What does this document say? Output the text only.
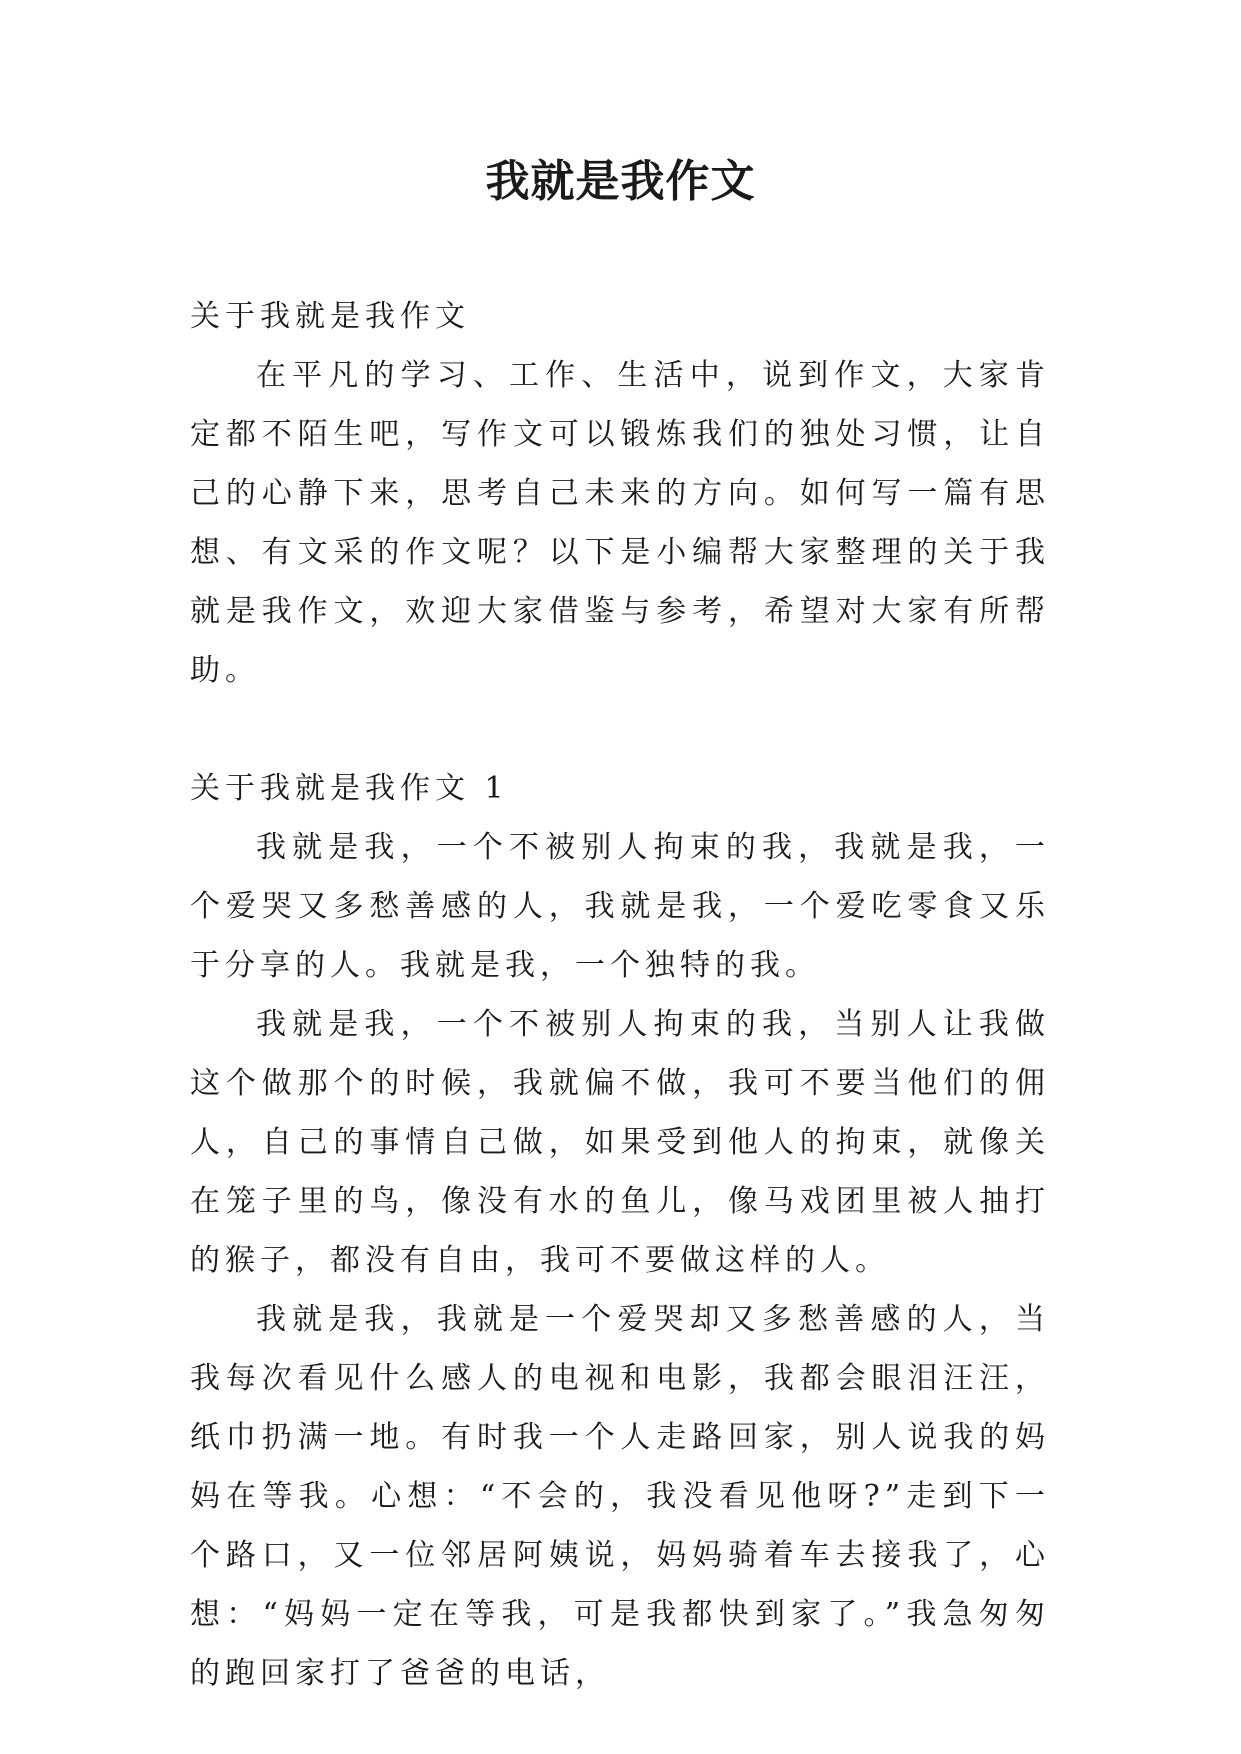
我就是我作文

关于我就是我作文

在平凡的学习、工作、生活中，说到作文，大家肯定都不陌生吧，写作文可以锻炼我们的独处习惯，让自己的心静下来，思考自己未来的方向。如何写一篇有思想、有文采的作文呢？以下是小编帮大家整理的关于我就是我作文，欢迎大家借鉴与参考，希望对大家有所帮助。

关于我就是我作文 1

我就是我，一个不被别人拘束的我，我就是我，一个爱哭又多愁善感的人，我就是我，一个爱吃零食又乐于分享的人。我就是我，一个独特的我。

我就是我，一个不被别人拘束的我，当别人让我做这个做那个的时候，我就偏不做，我可不要当他们的佣人，自己的事情自己做，如果受到他人的拘束，就像关在笼子里的鸟，像没有水的鱼儿，像马戏团里被人抽打的猴子，都没有自由，我可不要做这样的人。

我就是我，我就是一个爱哭却又多愁善感的人，当我每次看见什么感人的电视和电影，我都会眼泪汪汪，纸巾扔满一地。有时我一个人走路回家，别人说我的妈妈在等我。心想：“不会的，我没看见他呀?”走到下一个路口，又一位邻居阿姨说，妈妈骑着车去接我了，心想：“妈妈一定在等我，可是我都快到家了。”我急匆匆的跑回家打了爸爸的电话，
